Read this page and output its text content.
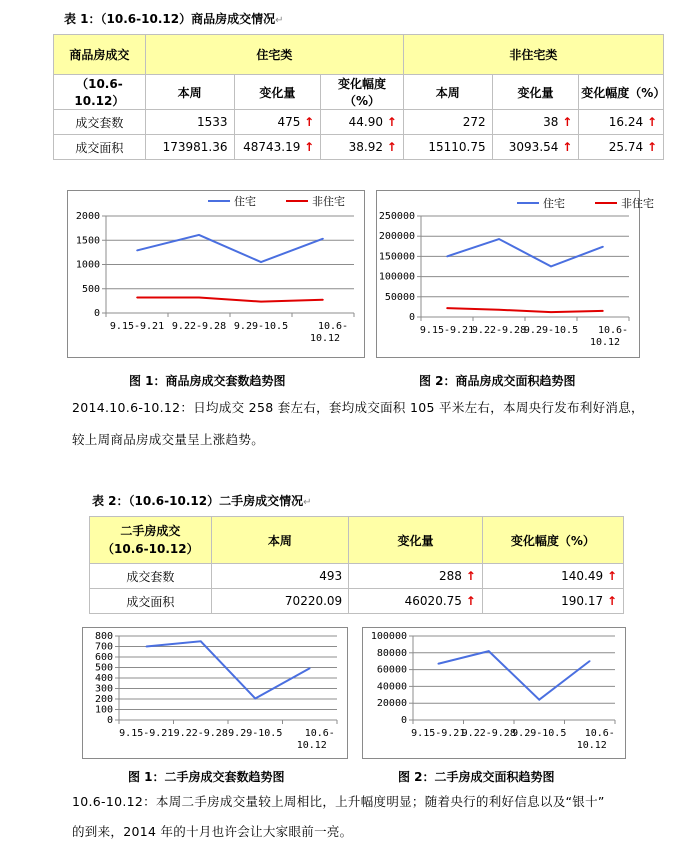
表 1：（10.6-10.12）商品房成交情况↵
商品房成交	住宅类			非住宅类		
（10.6-10.12）	本周	变化量	变化幅度（%）	本周	变化量	变化幅度（%）
成交套数	1533	475 ↑	44.90 ↑	272	38 ↑	16.24 ↑
成交面积	173981.36	48743.19 ↑	38.92 ↑	15110.75	3093.54 ↑	25.74 ↑
0
500
1000
1500
2000
9.15-9.21 9.22-9.28 9.29-10.5	10.6-10.12
住宅	非住宅
0
50000
100000
150000
200000
250000
9.15-9.21
9.22-9.28
9.29-10.5	10.6-10.12
住宅	非住宅
图 1：商品房成交套数趋势图	图 2：商品房成交面积趋势图
2014.10.6-10.12：日均成交 258 套左右，套均成交面积 105 平米左右，本周央行发布利好消息，
较上周商品房成交量呈上涨趋势。
表 2：（10.6-10.12）二手房成交情况↵
二手房成交
（10.6-10.12）	本周	变化量	变化幅度（%）
成交套数	493	288 ↑	140.49 ↑
成交面积	70220.09	46020.75 ↑	190.17 ↑
0
100
200
300
400
500
600
700
800
9.15-9.21 9.22-9.28 9.29-10.5	10.6-10.12
0
20000
40000
60000
80000
100000
9.15-9.21
9.22-9.28
9.29-10.5	10.6-10.12
图 1：二手房成交套数趋势图	图 2：二手房成交面积趋势图
10.6-10.12：本周二手房成交量较上周相比，上升幅度明显；随着央行的利好信息以及“银十”
的到来，2014 年的十月也许会让大家眼前一亮。
